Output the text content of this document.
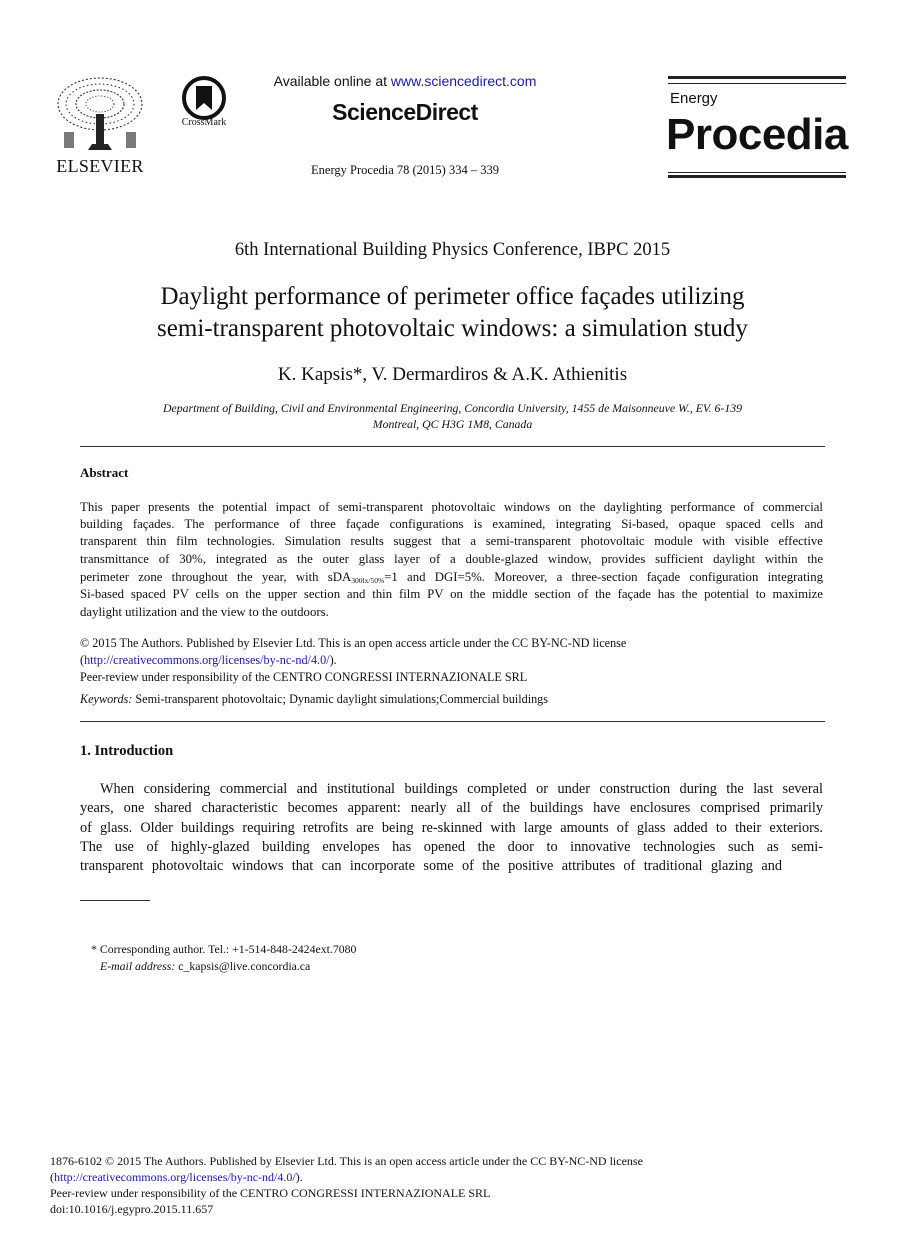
ELSEVIER
CrossMark
Available online at www.sciencedirect.com
ScienceDirect
Energy Procedia 78 (2015) 334 – 339
Energy
Procedia
6th International Building Physics Conference, IBPC 2015
Daylight performance of perimeter office façades utilizing
semi-transparent photovoltaic windows: a simulation study
K. Kapsis*, V. Dermardiros & A.K. Athienitis
Department of Building, Civil and Environmental Engineering, Concordia University, 1455 de Maisonneuve W., EV. 6-139
Montreal, QC H3G 1M8, Canada
Abstract
This paper presents the potential impact of semi-transparent photovoltaic windows on the daylighting performance of commercial
building façades. The performance of three façade configurations is examined, integrating Si-based, opaque spaced cells and
transparent thin film technologies. Simulation results suggest that a semi-transparent photovoltaic module with visible effective
transmittance of 30%, integrated as the outer glass layer of a double-glazed window, provides sufficient daylight within the
perimeter zone throughout the year, with sDA$_{300lx/50\%}$=1 and DGI=5%. Moreover, a three-section façade configuration integrating
Si-based spaced PV cells on the upper section and thin film PV on the middle section of the façade has the potential to maximize
daylight utilization and the view to the outdoors.
© 2015 The Authors. Published by Elsevier Ltd. This is an open access article under the CC BY-NC-ND license
(http://creativecommons.org/licenses/by-nc-nd/4.0/).
Peer-review under responsibility of the CENTRO CONGRESSI INTERNAZIONALE SRL
Keywords: Semi-transparent photovoltaic; Dynamic daylight simulations;Commercial buildings
1. Introduction
When considering commercial and institutional buildings completed or under construction during the last several
years, one shared characteristic becomes apparent: nearly all of the buildings have enclosures comprised primarily
of glass. Older buildings requiring retrofits are being re-skinned with large amounts of glass added to their exteriors.
The use of highly-glazed building envelopes has opened the door to innovative technologies such as semi-
transparent photovoltaic windows that can incorporate some of the positive attributes of traditional glazing and
* Corresponding author. Tel.: +1-514-848-2424ext.7080
E-mail address: c_kapsis@live.concordia.ca
1876-6102 © 2015 The Authors. Published by Elsevier Ltd. This is an open access article under the CC BY-NC-ND license
(http://creativecommons.org/licenses/by-nc-nd/4.0/).
Peer-review under responsibility of the CENTRO CONGRESSI INTERNAZIONALE SRL
doi:10.1016/j.egypro.2015.11.657
